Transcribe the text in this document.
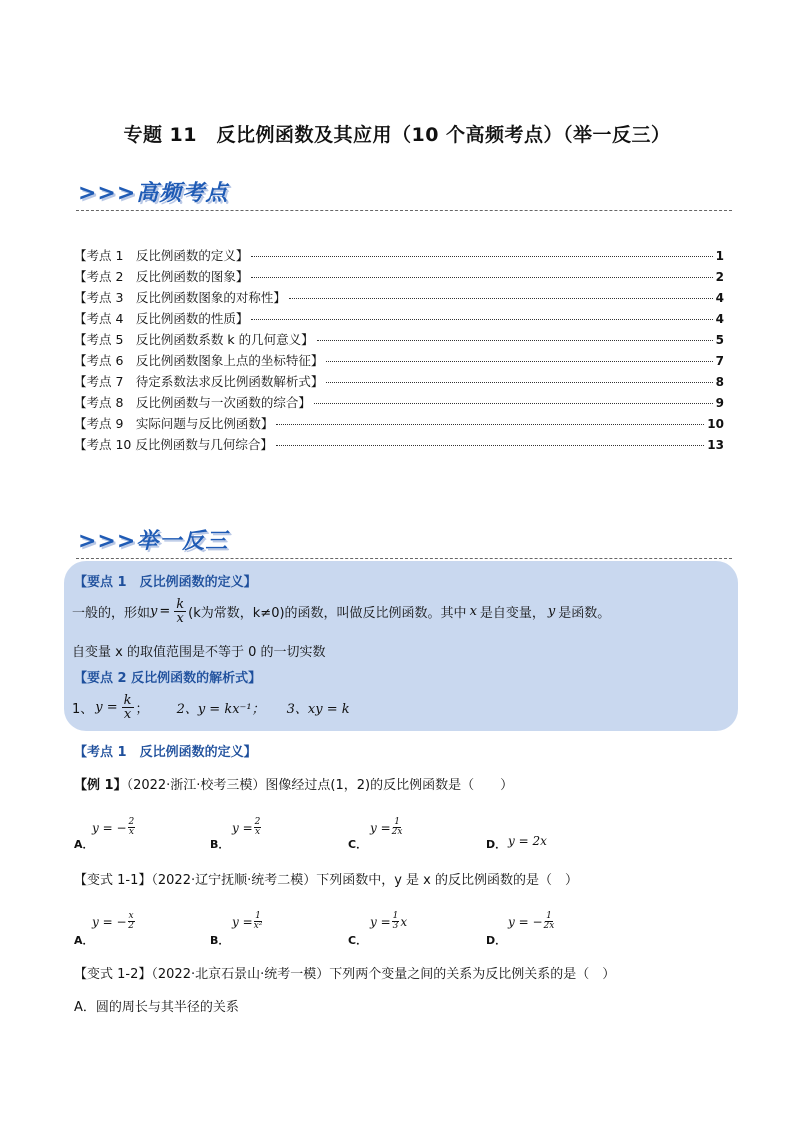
专题 11　反比例函数及其应用（10 个高频考点）（举一反三）
>>>高频考点
【考点 1　反比例函数的定义】	1
【考点 2　反比例函数的图象】	2
【考点 3　反比例函数图象的对称性】	4
【考点 4　反比例函数的性质】	4
【考点 5　反比例函数系数 k 的几何意义】	5
【考点 6　反比例函数图象上点的坐标特征】	7
【考点 7　待定系数法求反比例函数解析式】	8
【考点 8　反比例函数与一次函数的综合】	9
【考点 9　实际问题与反比例函数】	10
【考点 10 反比例函数与几何综合】	13
>>>举一反三
【要点 1　反比例函数的定义】
一般的，形如 $y = \frac{k}{x} (k$为常数，k≠0) 的函数，叫做反比例函数。其中 x 是自变量， y 是函数。
自变量 x 的取值范围是不等于 0 的一切实数
【要点 2 反比例函数的解析式】
1、 $y = \frac{k}{x}$ ； 2、y = kx⁻¹； 3、xy = k
【考点 1　反比例函数的定义】
【例 1】（2022·浙江·校考三模）图像经过点(1，2)的反比例函数是（　　）
A．
y = − $\frac{2}{x}$
B．
$y = \frac{2}{x}$
C．
$y = \frac{1}{2x}$
D． y = 2x
【变式 1-1】（2022·辽宁抚顺·统考二模）下列函数中，y 是 x 的反比例函数的是（　）
A．
y = − $\frac{x}{2}$
B．
$y = \frac{1}{\text{x²}}$
C．
$y = \frac{1}{3}$ x
D．
y = − $\frac{1}{2x}$
【变式 1-2】（2022·北京石景山·统考一模）下列两个变量之间的关系为反比例关系的是（　）
A．圆的周长与其半径的关系
